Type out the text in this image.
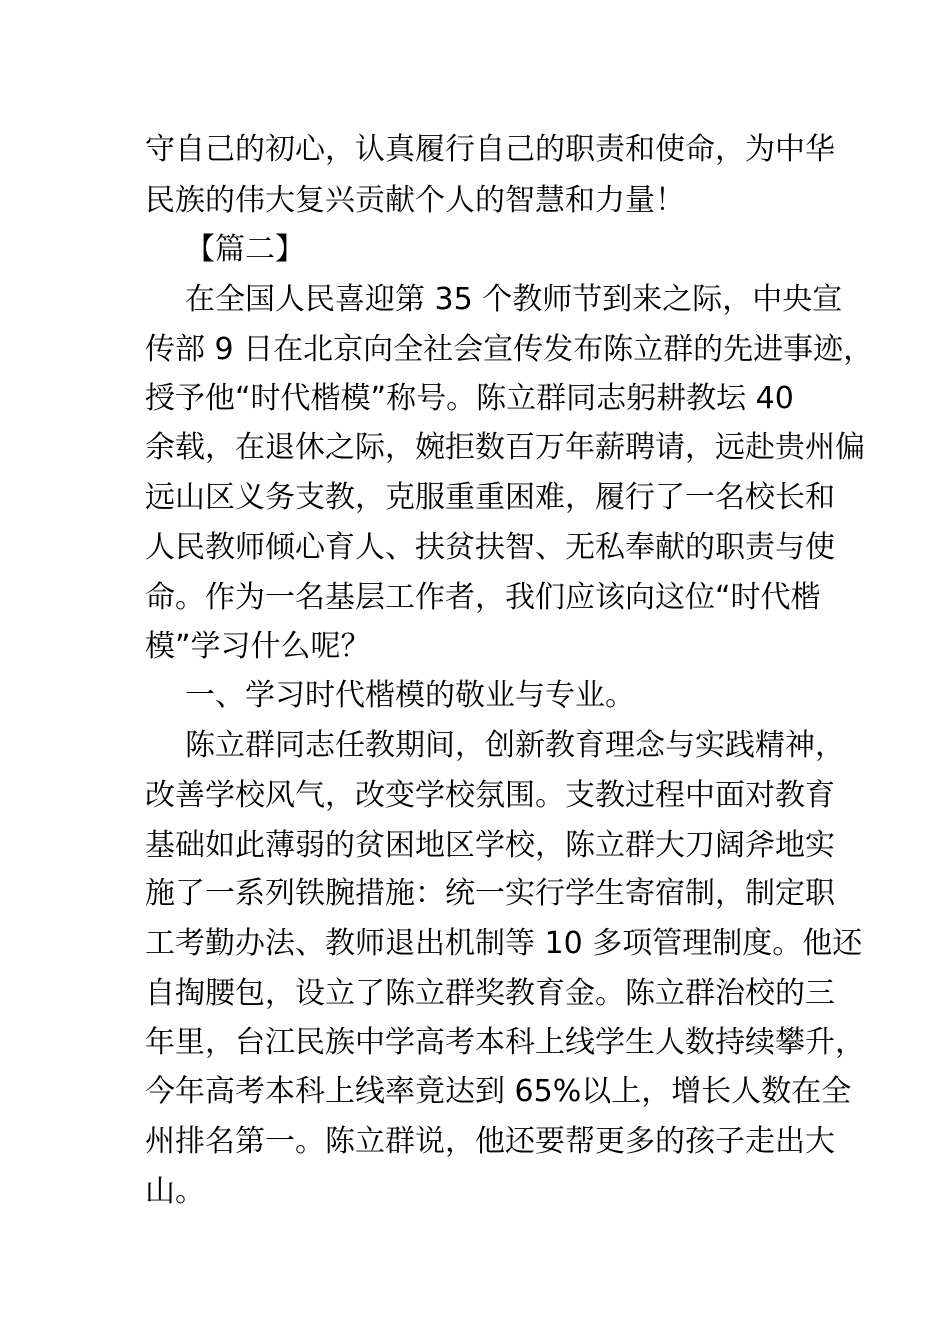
守自己的初心，认真履行自己的职责和使命，为中华
民族的伟大复兴贡献个人的智慧和力量！
【篇二】
在全国人民喜迎第 35 个教师节到来之际，中央宣
传部 9 日在北京向全社会宣传发布陈立群的先进事迹，
授予他“时代楷模”称号。陈立群同志躬耕教坛 40
余载，在退休之际，婉拒数百万年薪聘请，远赴贵州偏
远山区义务支教，克服重重困难，履行了一名校长和
人民教师倾心育人、扶贫扶智、无私奉献的职责与使
命。作为一名基层工作者，我们应该向这位“时代楷
模”学习什么呢？
一、学习时代楷模的敬业与专业。
陈立群同志任教期间，创新教育理念与实践精神，
改善学校风气，改变学校氛围。支教过程中面对教育
基础如此薄弱的贫困地区学校，陈立群大刀阔斧地实
施了一系列铁腕措施：统一实行学生寄宿制，制定职
工考勤办法、教师退出机制等 10 多项管理制度。他还
自掏腰包，设立了陈立群奖教育金。陈立群治校的三
年里，台江民族中学高考本科上线学生人数持续攀升，
今年高考本科上线率竟达到 65%以上，增长人数在全
州排名第一。陈立群说，他还要帮更多的孩子走出大
山。
